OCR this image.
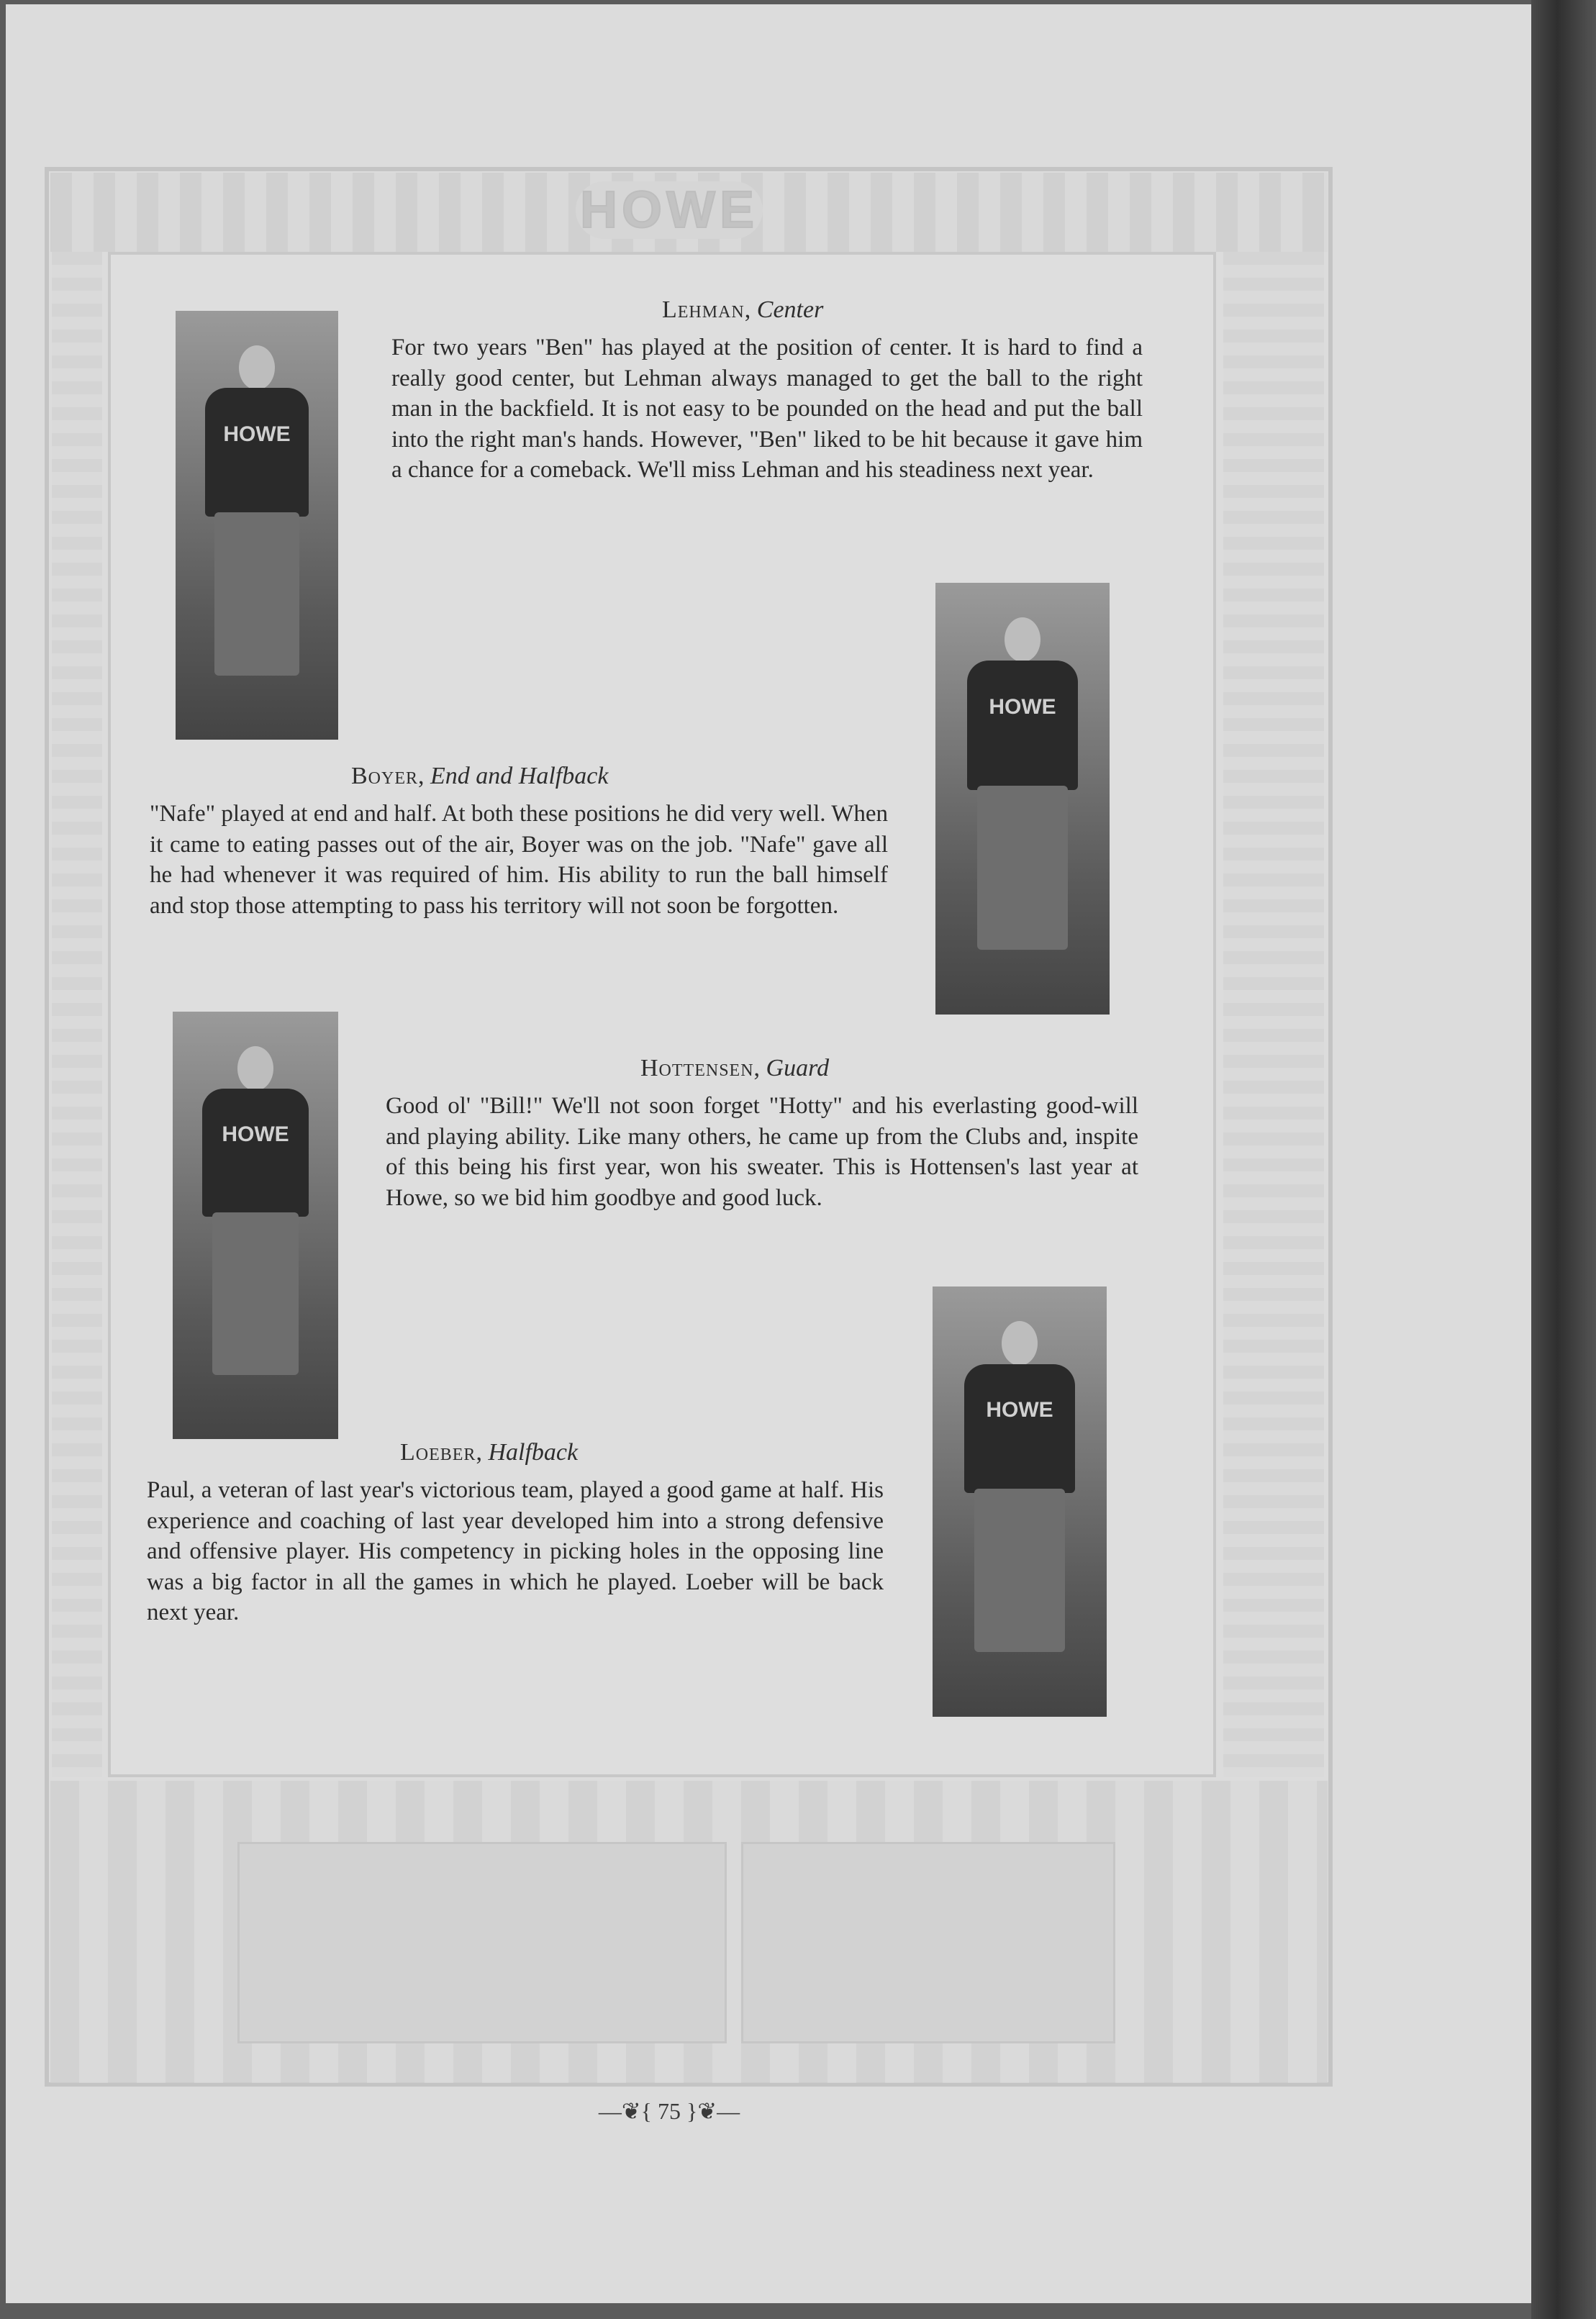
HOWE
HOWE
HOWE
HOWE
HOWE
Lehman, Center
For two years "Ben" has played at the position of center. It is hard to find a really good center, but Lehman always managed to get the ball to the right man in the backfield. It is not easy to be pounded on the head and put the ball into the right man's hands. However, "Ben" liked to be hit because it gave him a chance for a comeback. We'll miss Lehman and his steadiness next year.
Boyer, End and Halfback
"Nafe" played at end and half. At both these positions he did very well. When it came to eating passes out of the air, Boyer was on the job. "Nafe" gave all he had whenever it was required of him. His ability to run the ball himself and stop those attempting to pass his territory will not soon be forgotten.
Hottensen, Guard
Good ol' "Bill!" We'll not soon forget "Hotty" and his everlasting good-will and playing ability. Like many others, he came up from the Clubs and, inspite of this being his first year, won his sweater. This is Hottensen's last year at Howe, so we bid him goodbye and good luck.
Loeber, Halfback
Paul, a veteran of last year's victorious team, played a good game at half. His experience and coaching of last year developed him into a strong defensive and offensive player. His competency in picking holes in the opposing line was a big factor in all the games in which he played. Loeber will be back next year.
—❦{ 75 }❦—
